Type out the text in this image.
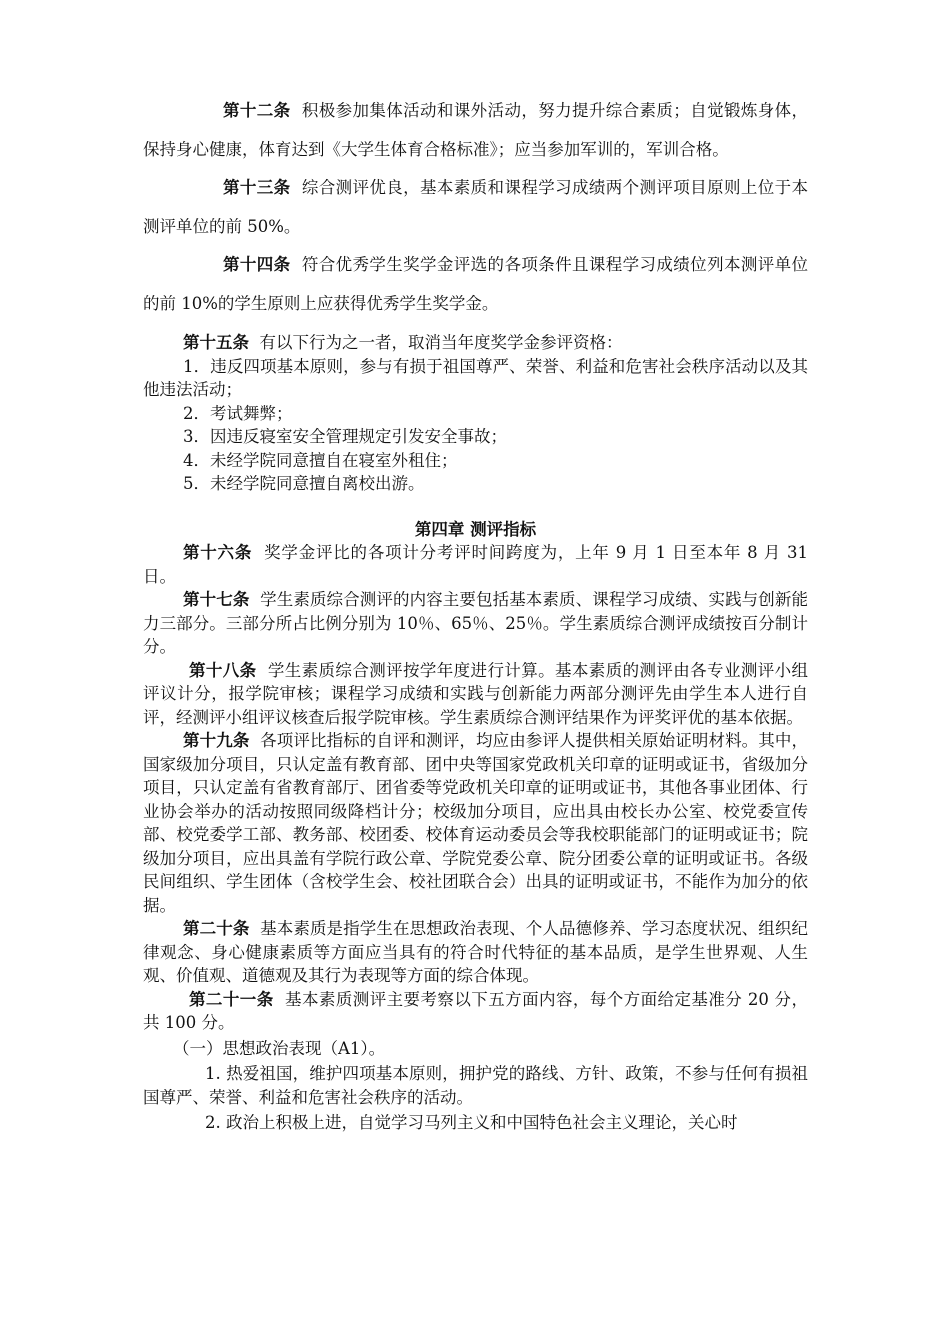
第十二条 积极参加集体活动和课外活动，努力提升综合素质；自觉锻炼身体，保持身心健康，体育达到《大学生体育合格标准》；应当参加军训的，军训合格。

第十三条 综合测评优良，基本素质和课程学习成绩两个测评项目原则上位于本测评单位的前 50%。

第十四条 符合优秀学生奖学金评选的各项条件且课程学习成绩位列本测评单位的前 10%的学生原则上应获得优秀学生奖学金。

第十五条 有以下行为之一者，取消当年度奖学金参评资格：

1．违反四项基本原则，参与有损于祖国尊严、荣誉、利益和危害社会秩序活动以及其他违法活动；

2．考试舞弊；

3．因违反寝室安全管理规定引发安全事故；

4．未经学院同意擅自在寝室外租住；

5．未经学院同意擅自离校出游。

第四章 测评指标

第十六条 奖学金评比的各项计分考评时间跨度为，上年 9 月 1 日至本年 8 月 31 日。

第十七条 学生素质综合测评的内容主要包括基本素质、课程学习成绩、实践与创新能力三部分。三部分所占比例分别为 10％、65％、25％。学生素质综合测评成绩按百分制计分。

第十八条 学生素质综合测评按学年度进行计算。基本素质的测评由各专业测评小组评议计分，报学院审核；课程学习成绩和实践与创新能力两部分测评先由学生本人进行自评，经测评小组评议核查后报学院审核。学生素质综合测评结果作为评奖评优的基本依据。

第十九条 各项评比指标的自评和测评，均应由参评人提供相关原始证明材料。其中，国家级加分项目，只认定盖有教育部、团中央等国家党政机关印章的证明或证书，省级加分项目，只认定盖有省教育部厅、团省委等党政机关印章的证明或证书，其他各事业团体、行业协会举办的活动按照同级降档计分；校级加分项目，应出具由校长办公室、校党委宣传部、校党委学工部、教务部、校团委、校体育运动委员会等我校职能部门的证明或证书；院级加分项目，应出具盖有学院行政公章、学院党委公章、院分团委公章的证明或证书。各级民间组织、学生团体（含校学生会、校社团联合会）出具的证明或证书，不能作为加分的依据。

第二十条 基本素质是指学生在思想政治表现、个人品德修养、学习态度状况、组织纪律观念、身心健康素质等方面应当具有的符合时代特征的基本品质，是学生世界观、人生观、价值观、道德观及其行为表现等方面的综合体现。

第二十一条 基本素质测评主要考察以下五方面内容，每个方面给定基准分 20 分，共 100 分。

（一）思想政治表现（A1）。

1. 热爱祖国，维护四项基本原则，拥护党的路线、方针、政策，不参与任何有损祖国尊严、荣誉、利益和危害社会秩序的活动。

2. 政治上积极上进，自觉学习马列主义和中国特色社会主义理论，关心时
